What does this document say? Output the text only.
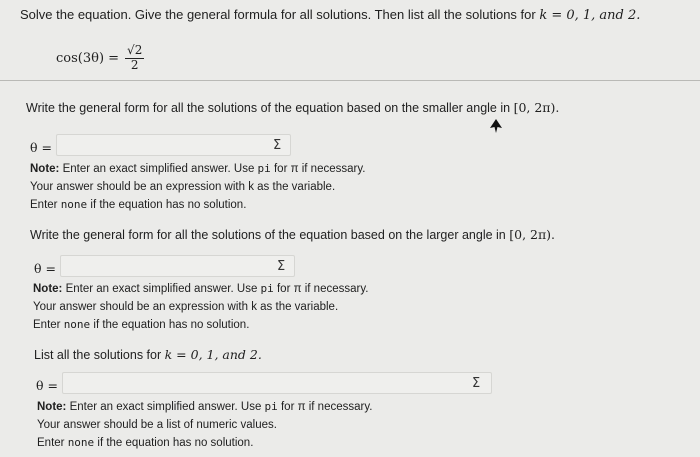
Solve the equation. Give the general formula for all solutions. Then list all the solutions for k = 0, 1, and 2.
$\cos(3\theta) = \frac{√2}{2}$
Write the general form for all the solutions of the equation based on the smaller angle in [0, 2π).
θ =	Σ
Note: Enter an exact simplified answer. Use pi for π if necessary.
Your answer should be an expression with k as the variable.
Enter none if the equation has no solution.
Write the general form for all the solutions of the equation based on the larger angle in [0, 2π).
θ =	Σ
Note: Enter an exact simplified answer. Use pi for π if necessary.
Your answer should be an expression with k as the variable.
Enter none if the equation has no solution.
List all the solutions for k = 0, 1, and 2.
θ =	Σ
Note: Enter an exact simplified answer. Use pi for π if necessary.
Your answer should be a list of numeric values.
Enter none if the equation has no solution.
